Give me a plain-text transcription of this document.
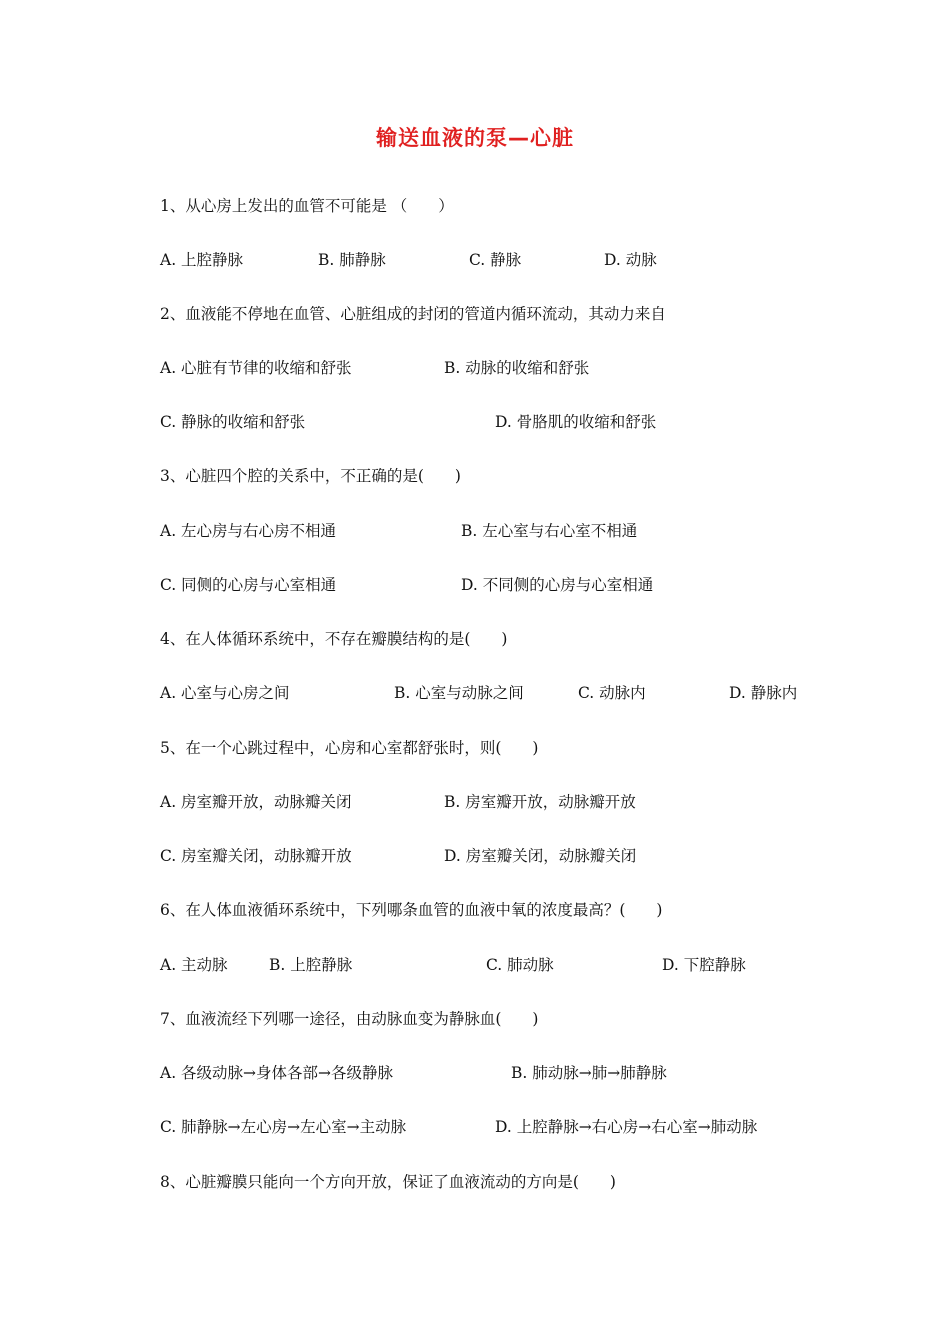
输送血液的泵—心脏
1、从心房上发出的血管不可能是 （　　）
A. 上腔静脉	B. 肺静脉	C. 静脉	D. 动脉
2、血液能不停地在血管、心脏组成的封闭的管道内循环流动，其动力来自
A. 心脏有节律的收缩和舒张	B. 动脉的收缩和舒张
C. 静脉的收缩和舒张	D. 骨胳肌的收缩和舒张
3、心脏四个腔的关系中，不正确的是(　　)
A. 左心房与右心房不相通	B. 左心室与右心室不相通
C. 同侧的心房与心室相通	D. 不同侧的心房与心室相通
4、在人体循环系统中，不存在瓣膜结构的是(　　)
A. 心室与心房之间	B. 心室与动脉之间	C. 动脉内	D. 静脉内
5、在一个心跳过程中，心房和心室都舒张时，则(　　)
A. 房室瓣开放，动脉瓣关闭	B. 房室瓣开放，动脉瓣开放
C. 房室瓣关闭，动脉瓣开放	D. 房室瓣关闭，动脉瓣关闭
6、在人体血液循环系统中，下列哪条血管的血液中氧的浓度最高？(　　)
A. 主动脉	B. 上腔静脉	C. 肺动脉	D. 下腔静脉
7、血液流经下列哪一途径，由动脉血变为静脉血(　　)
A. 各级动脉→身体各部→各级静脉	B. 肺动脉→肺→肺静脉
C. 肺静脉→左心房→左心室→主动脉	D. 上腔静脉→右心房→右心室→肺动脉
8、心脏瓣膜只能向一个方向开放，保证了血液流动的方向是(　　)
